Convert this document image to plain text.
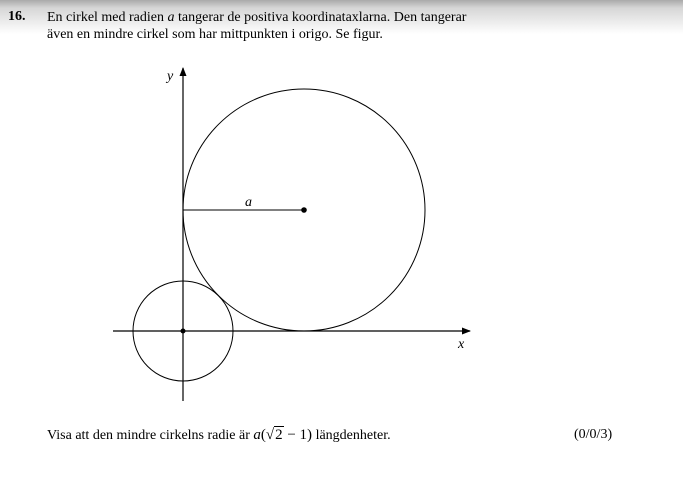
16. En cirkel med radien a tangerar de positiva koordinataxlarna. Den tangerar
även en mindre cirkel som har mittpunkten i origo. Se figur.
y
x
a
Visa att den mindre cirkelns radie är a(√2 − 1) längdenheter.	(0/0/3)
